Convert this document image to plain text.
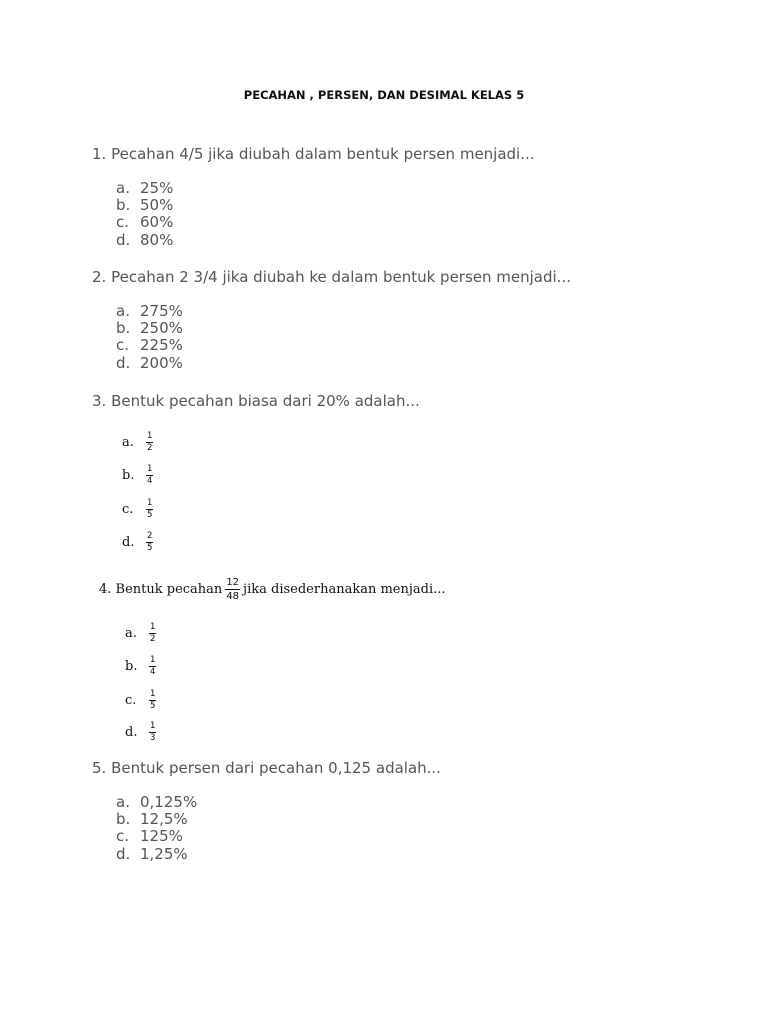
PECAHAN , PERSEN, DAN DESIMAL KELAS 5
1. Pecahan 4/5 jika diubah dalam bentuk persen menjadi...
a. 25%
b. 50%
c. 60%
d. 80%
2. Pecahan 2 3/4 jika diubah ke dalam bentuk persen menjadi...
a. 275%
b. 250%
c. 225%
d. 200%
3. Bentuk pecahan biasa dari 20% adalah...
a.	$\frac{1}{2}$
b.	$\frac{1}{4}$
c.	$\frac{1}{5}$
d.	$\frac{2}{5}$
4. Bentuk pecahan $\frac{12}{48}$ jika disederhanakan menjadi...
a.	$\frac{1}{2}$
b.	$\frac{1}{4}$
c.	$\frac{1}{5}$
d.	$\frac{1}{3}$
5. Bentuk persen dari pecahan 0,125 adalah...
a. 0,125%
b. 12,5%
c. 125%
d. 1,25%
